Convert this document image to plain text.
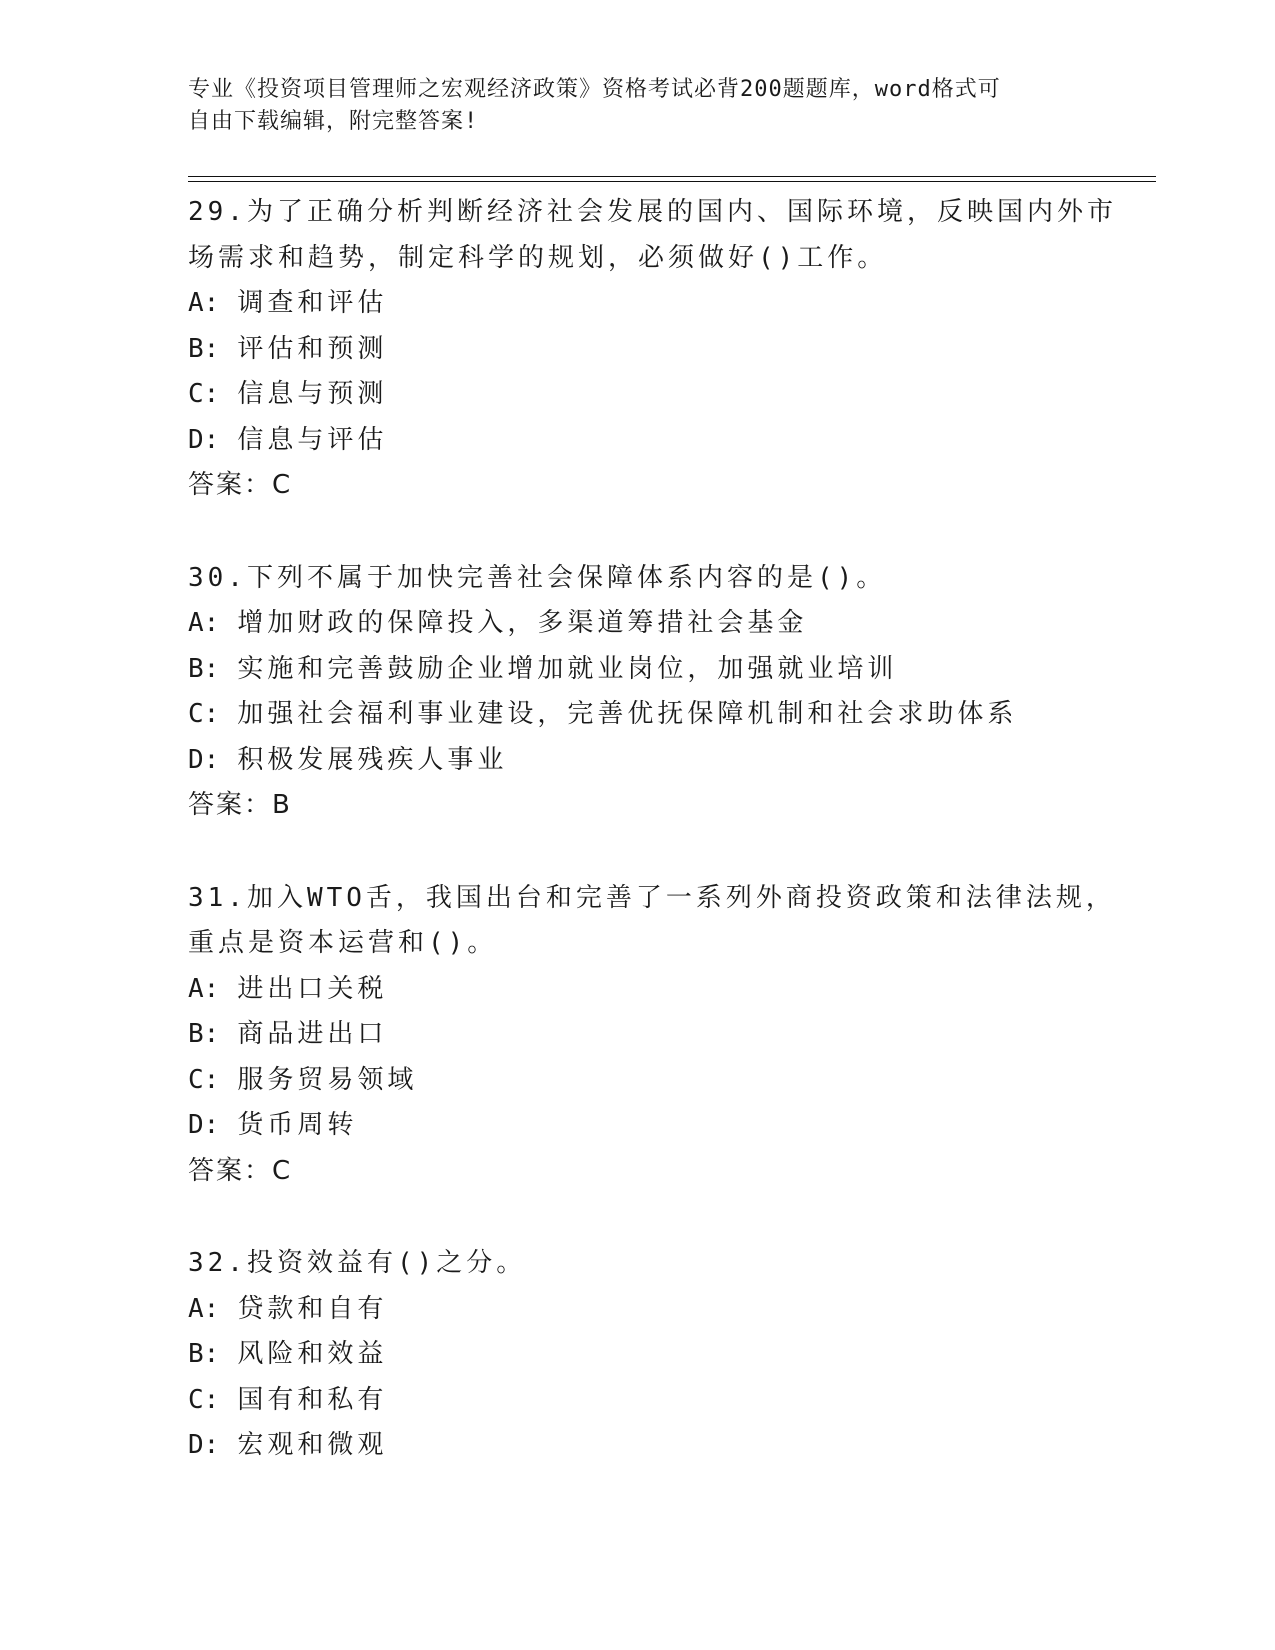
专业《投资项目管理师之宏观经济政策》资格考试必背200题题库，word格式可
自由下载编辑，附完整答案!
29.为了正确分析判断经济社会发展的国内、国际环境，反映国内外市
场需求和趋势，制定科学的规划，必须做好()工作。
A: 调查和评估
B: 评估和预测
C: 信息与预测
D: 信息与评估
答案：C
30.下列不属于加快完善社会保障体系内容的是()。
A: 增加财政的保障投入，多渠道筹措社会基金
B: 实施和完善鼓励企业增加就业岗位，加强就业培训
C: 加强社会福利事业建设，完善优抚保障机制和社会求助体系
D: 积极发展残疾人事业
答案：B
31.加入WTO舌，我国出台和完善了一系列外商投资政策和法律法规，
重点是资本运营和()。
A: 进出口关税
B: 商品进出口
C: 服务贸易领域
D: 货币周转
答案：C
32.投资效益有()之分。
A: 贷款和自有
B: 风险和效益
C: 国有和私有
D: 宏观和微观
